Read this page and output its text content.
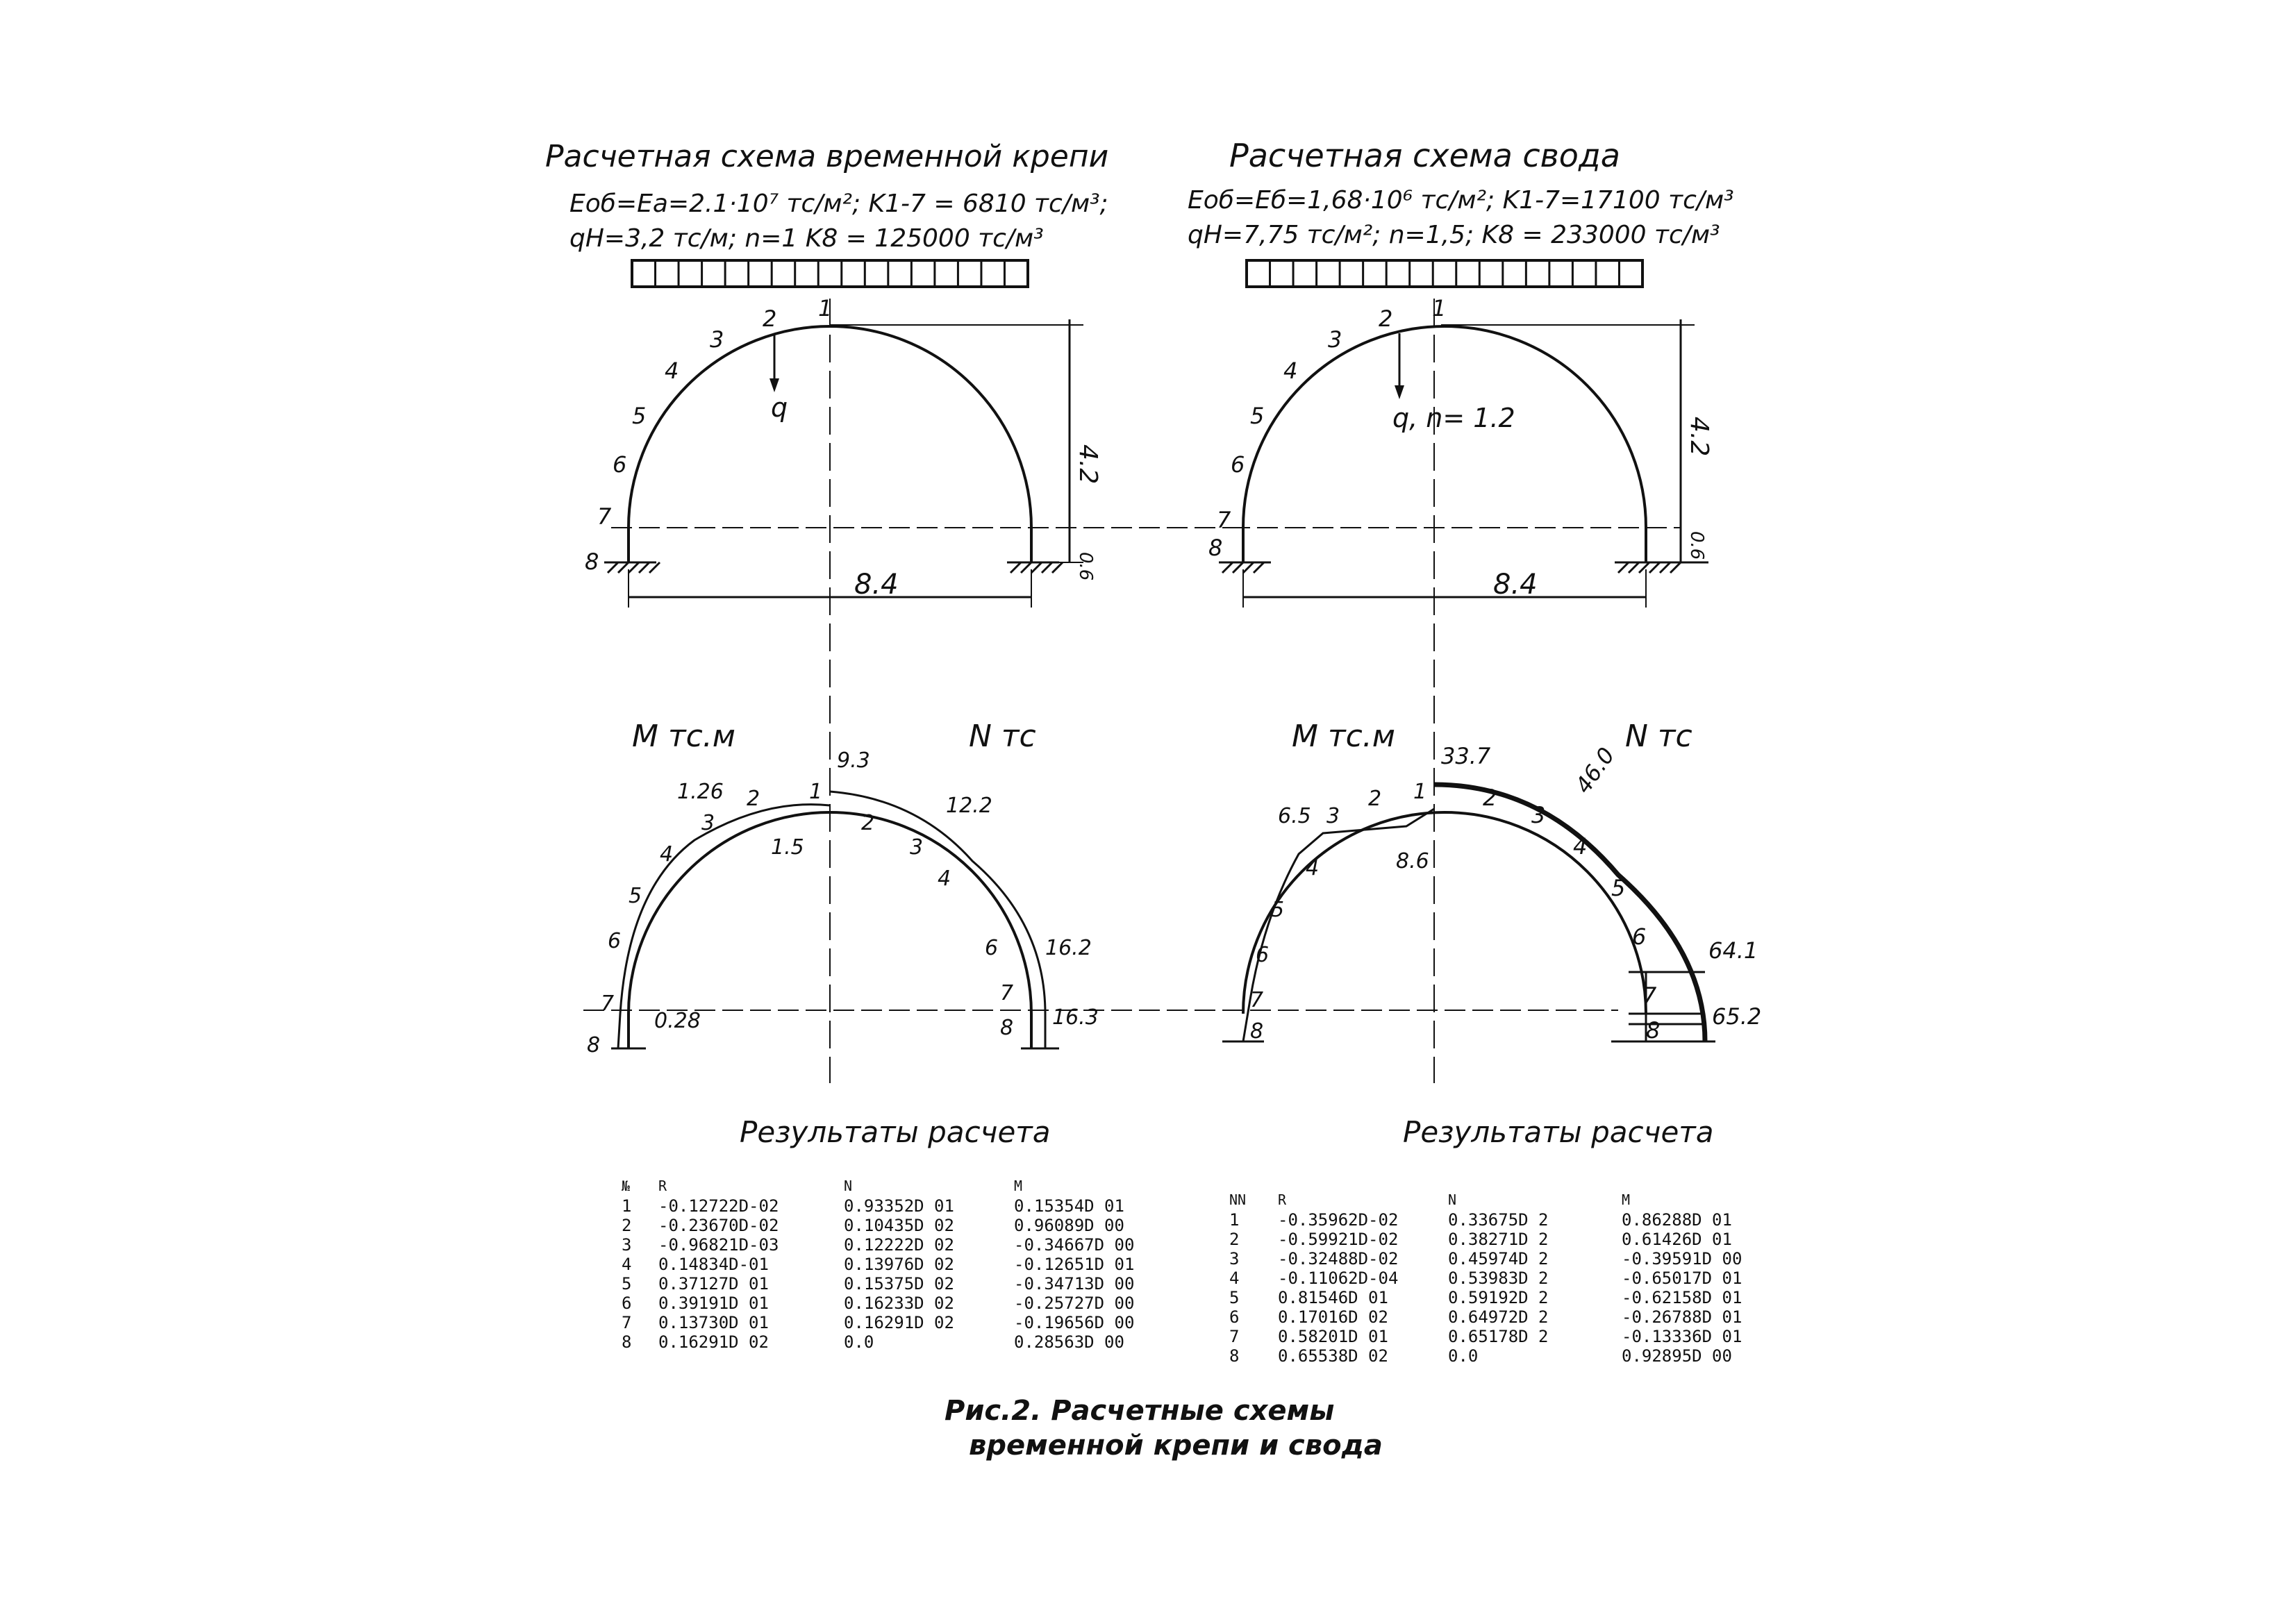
Расчетная схема временной крепи
Eоб=Ea=2.1·10⁷ тс/м²; K1-7 = 6810 тс/м³;
qН=3,2 тс/м; n=1 K8 = 125000 тс/м³
q
4.2
0.6
8.4
1
2
3
4
5
6
7
8
Расчетная схема свода
Eоб=Eб=1,68·10⁶ тс/м²; K1-7=17100 тс/м³
qН=7,75 тс/м²; n=1,5; K8 = 233000 тс/м³
q, n= 1.2	4.2
0.6
8.4
1
2
3
4
5
6
7
8
M тс.м	N тс
1.26
1.5
0.28
9.3
12.2
16.2
16.3
1
2
3
4
5
6
7
8
2
3
4
6
7
8
M тс.м	N тс
6.5
8.6
33.7	46.0
64.1
65.2
1
2
3
4
5
6
7
8
2
3
4
5
6
7
8
Результаты расчета	Результаты расчета
№ R	N	M
1 -0.12722D-02	0.93352D 01	0.15354D 01
2 -0.23670D-02	0.10435D 02	0.96089D 00
3 -0.96821D-03	0.12222D 02	-0.34667D 00
4 0.14834D-01	0.13976D 02	-0.12651D 01
5 0.37127D 01	0.15375D 02	-0.34713D 00
6 0.39191D 01	0.16233D 02	-0.25727D 00
7 0.13730D 01	0.16291D 02	-0.19656D 00
8 0.16291D 02	0.0	0.28563D 00
NN R	N	M
1 -0.35962D-02	0.33675D 2	0.86288D 01
2 -0.59921D-02	0.38271D 2	0.61426D 01
3 -0.32488D-02	0.45974D 2	-0.39591D 00
4 -0.11062D-04	0.53983D 2	-0.65017D 01
5 0.81546D 01	0.59192D 2	-0.62158D 01
6 0.17016D 02	0.64972D 2	-0.26788D 01
7 0.58201D 01	0.65178D 2	-0.13336D 01
8 0.65538D 02	0.0	0.92895D 00
Рис.2. Расчетные схемы
временной крепи и свода
